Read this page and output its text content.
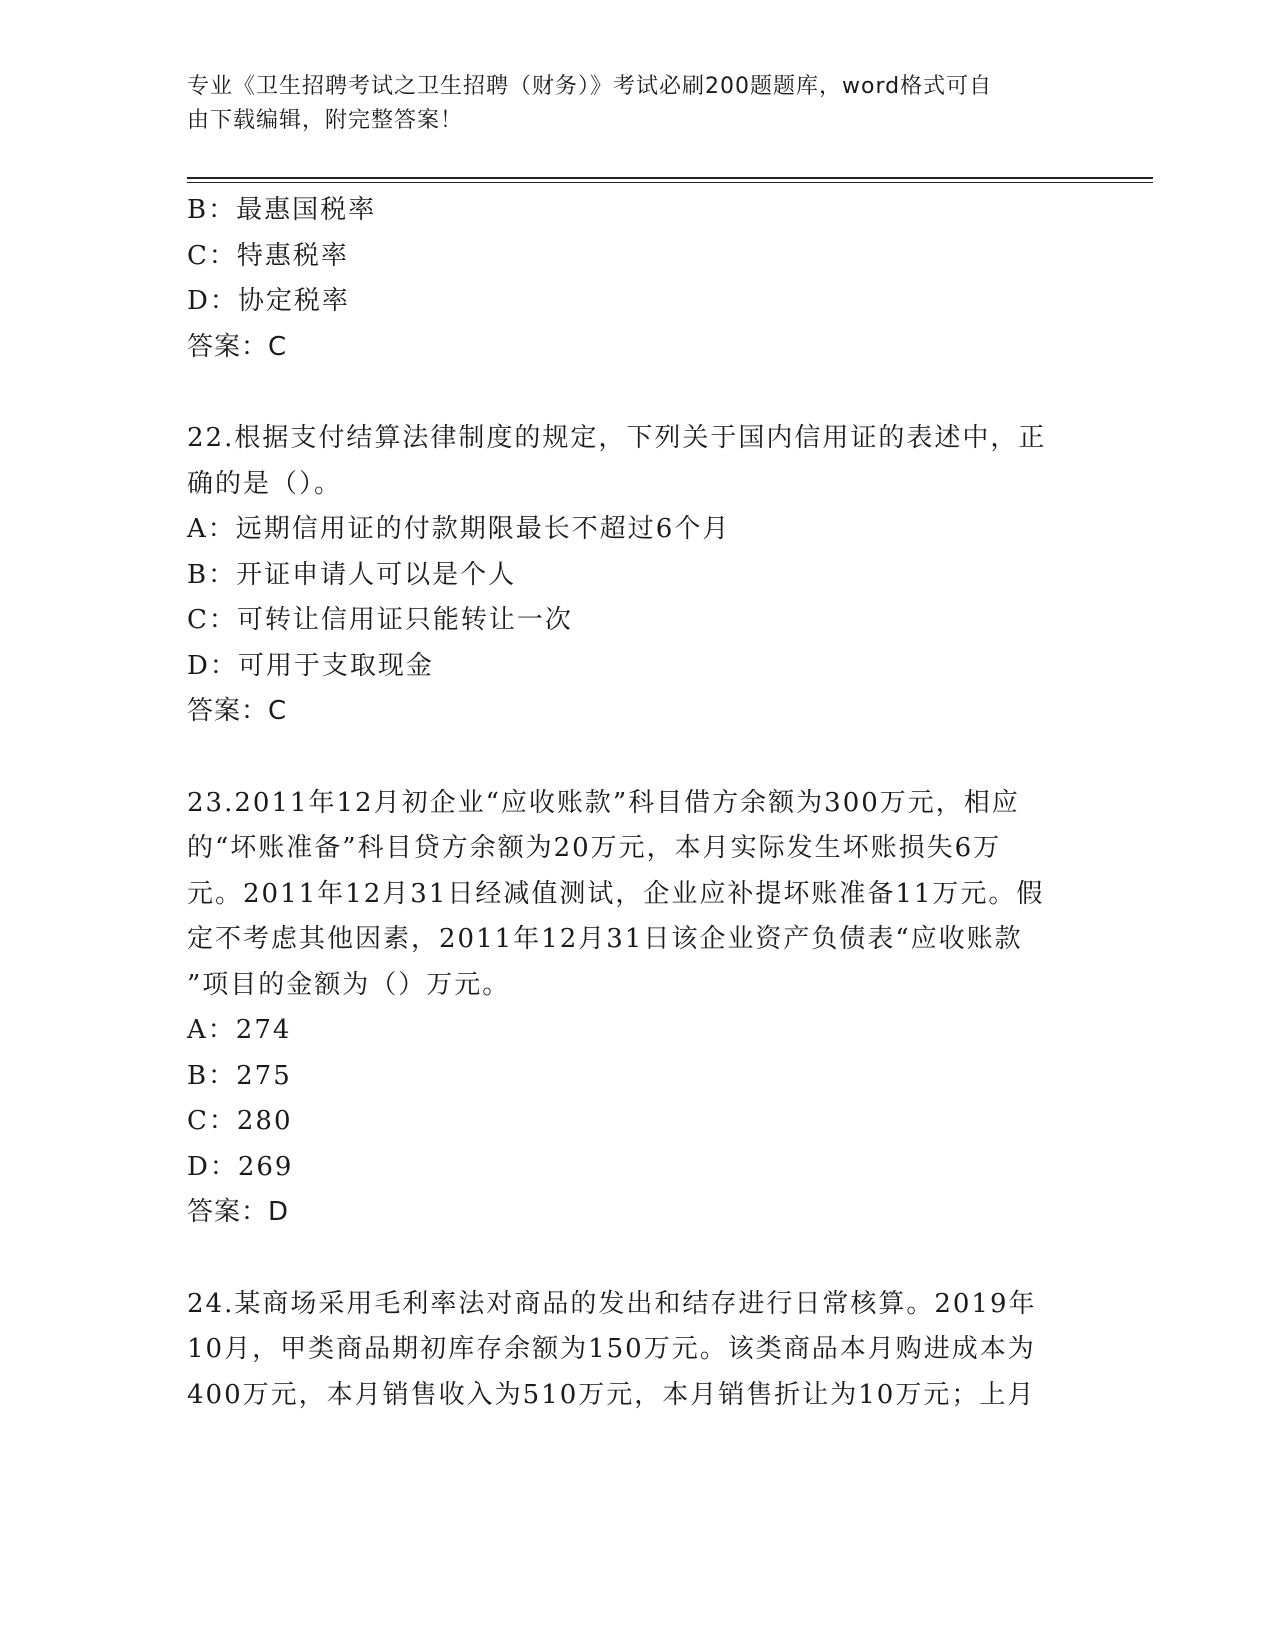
专业《卫生招聘考试之卫生招聘（财务）》考试必刷200题题库，word格式可自
由下载编辑，附完整答案！
B：最惠国税率
C：特惠税率
D：协定税率
答案：C
22.根据支付结算法律制度的规定，下列关于国内信用证的表述中，正
确的是（）。
A：远期信用证的付款期限最长不超过6个月
B：开证申请人可以是个人
C：可转让信用证只能转让一次
D：可用于支取现金
答案：C
23.2011年12月初企业“应收账款”科目借方余额为300万元，相应
的“坏账准备”科目贷方余额为20万元，本月实际发生坏账损失6万
元。2011年12月31日经减值测试，企业应补提坏账准备11万元。假
定不考虑其他因素，2011年12月31日该企业资产负债表“应收账款
”项目的金额为（）万元。
A：274
B：275
C：280
D：269
答案：D
24.某商场采用毛利率法对商品的发出和结存进行日常核算。2019年
10月，甲类商品期初库存余额为150万元。该类商品本月购进成本为
400万元，本月销售收入为510万元，本月销售折让为10万元；上月
